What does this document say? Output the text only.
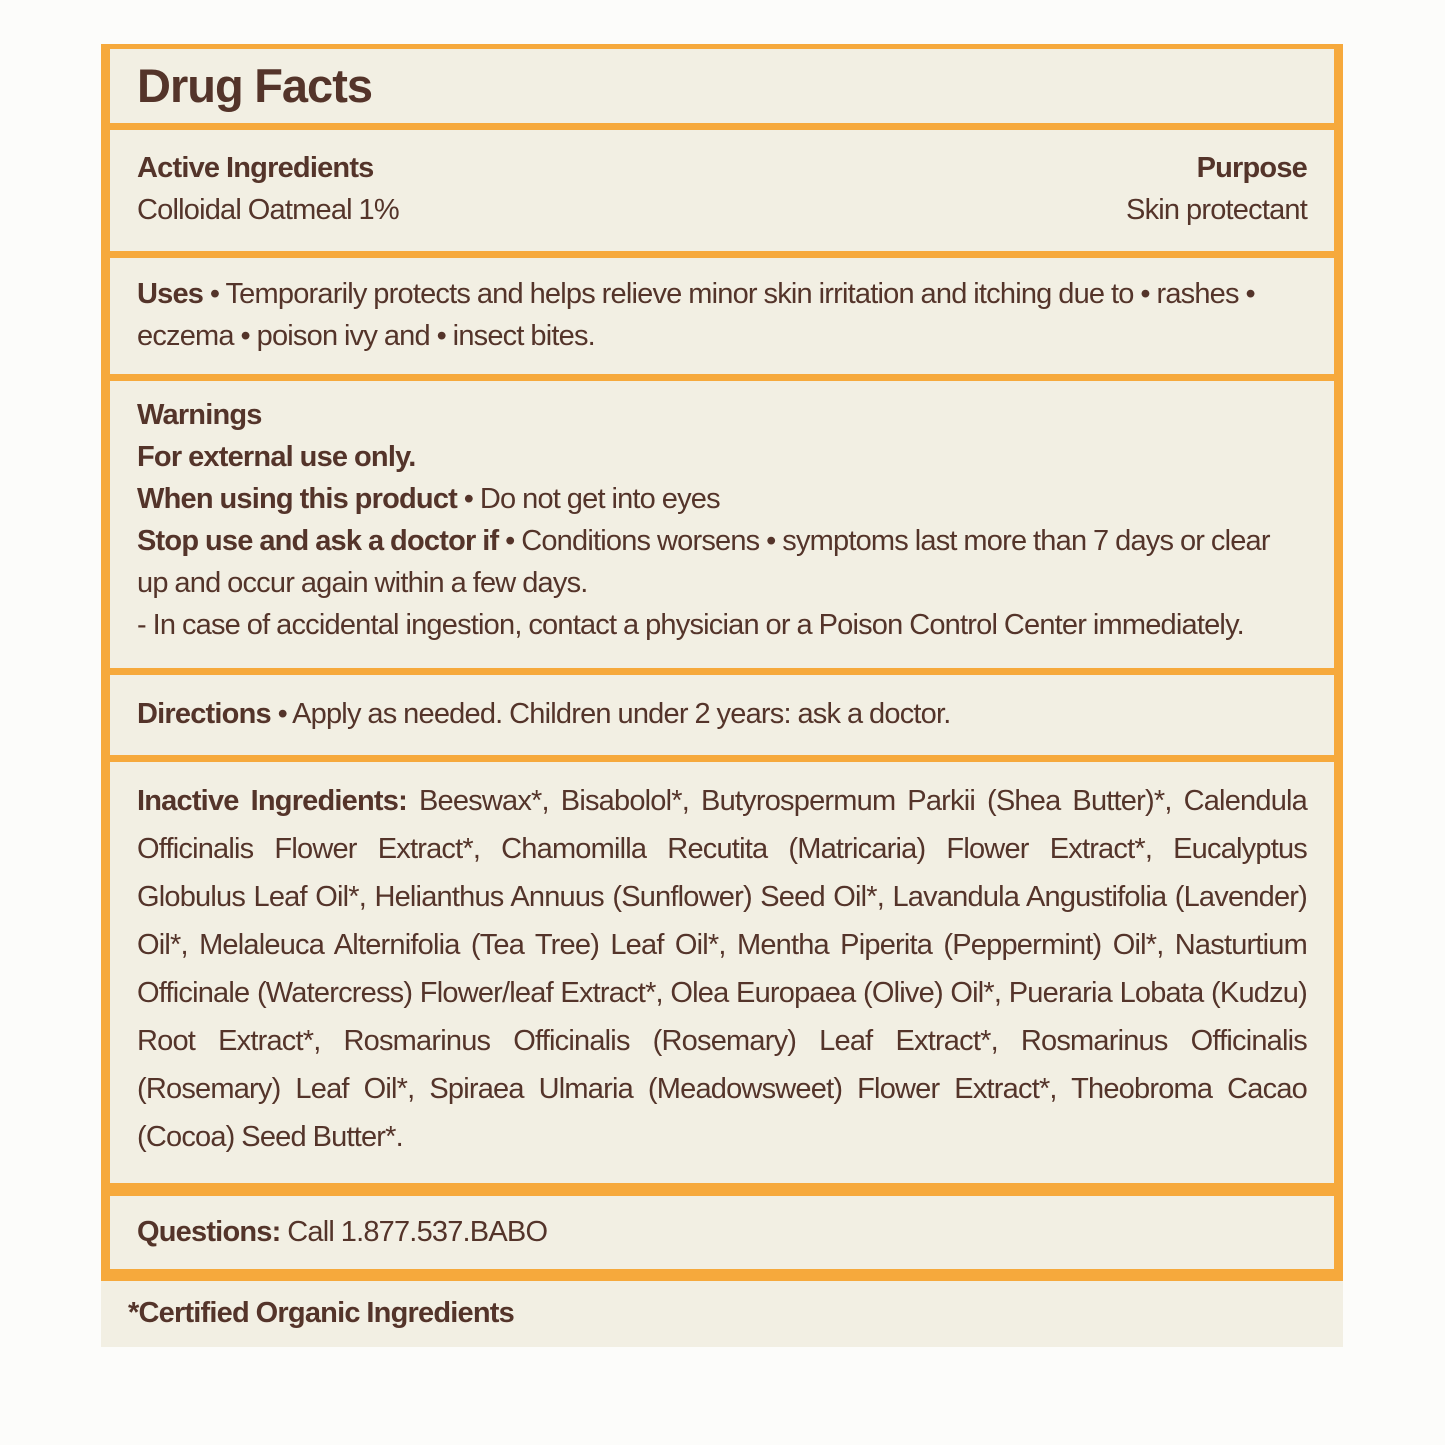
Drug Facts
Active Ingredients
Colloidal Oatmeal 1%
Purpose
Skin protectant

Uses • Temporarily protects and helps relieve minor skin irritation and itching due to • rashes • eczema • poison ivy and • insect bites.

Warnings

For external use only.

When using this product • Do not get into eyes

Stop use and ask a doctor if • Conditions worsens • symptoms last more than 7 days or clear up and occur again within a few days.

- In case of accidental ingestion, contact a physician or a Poison Control Center immediately.

Directions • Apply as needed. Children under 2 years: ask a doctor.

Inactive Ingredients: Beeswax*, Bisabolol*, Butyrospermum Parkii (Shea Butter)*, Calendula Officinalis Flower Extract*, Chamomilla Recutita (Matricaria) Flower Extract*, Eucalyptus Globulus Leaf Oil*, Helianthus Annuus (Sunflower) Seed Oil*, Lavandula Angustifolia (Lavender) Oil*, Melaleuca Alternifolia (Tea Tree) Leaf Oil*, Mentha Piperita (Peppermint) Oil*, Nasturtium Officinale (Watercress) Flower/leaf Extract*, Olea Europaea (Olive) Oil*, Pueraria Lobata (Kudzu) Root Extract*, Rosmarinus Officinalis (Rosemary) Leaf Extract*, Rosmarinus Officinalis (Rosemary) Leaf Oil*, Spiraea Ulmaria (Meadowsweet) Flower Extract*, Theobroma Cacao (Cocoa) Seed Butter*.

Questions: Call 1.877.537.BABO

*Certified Organic Ingredients
